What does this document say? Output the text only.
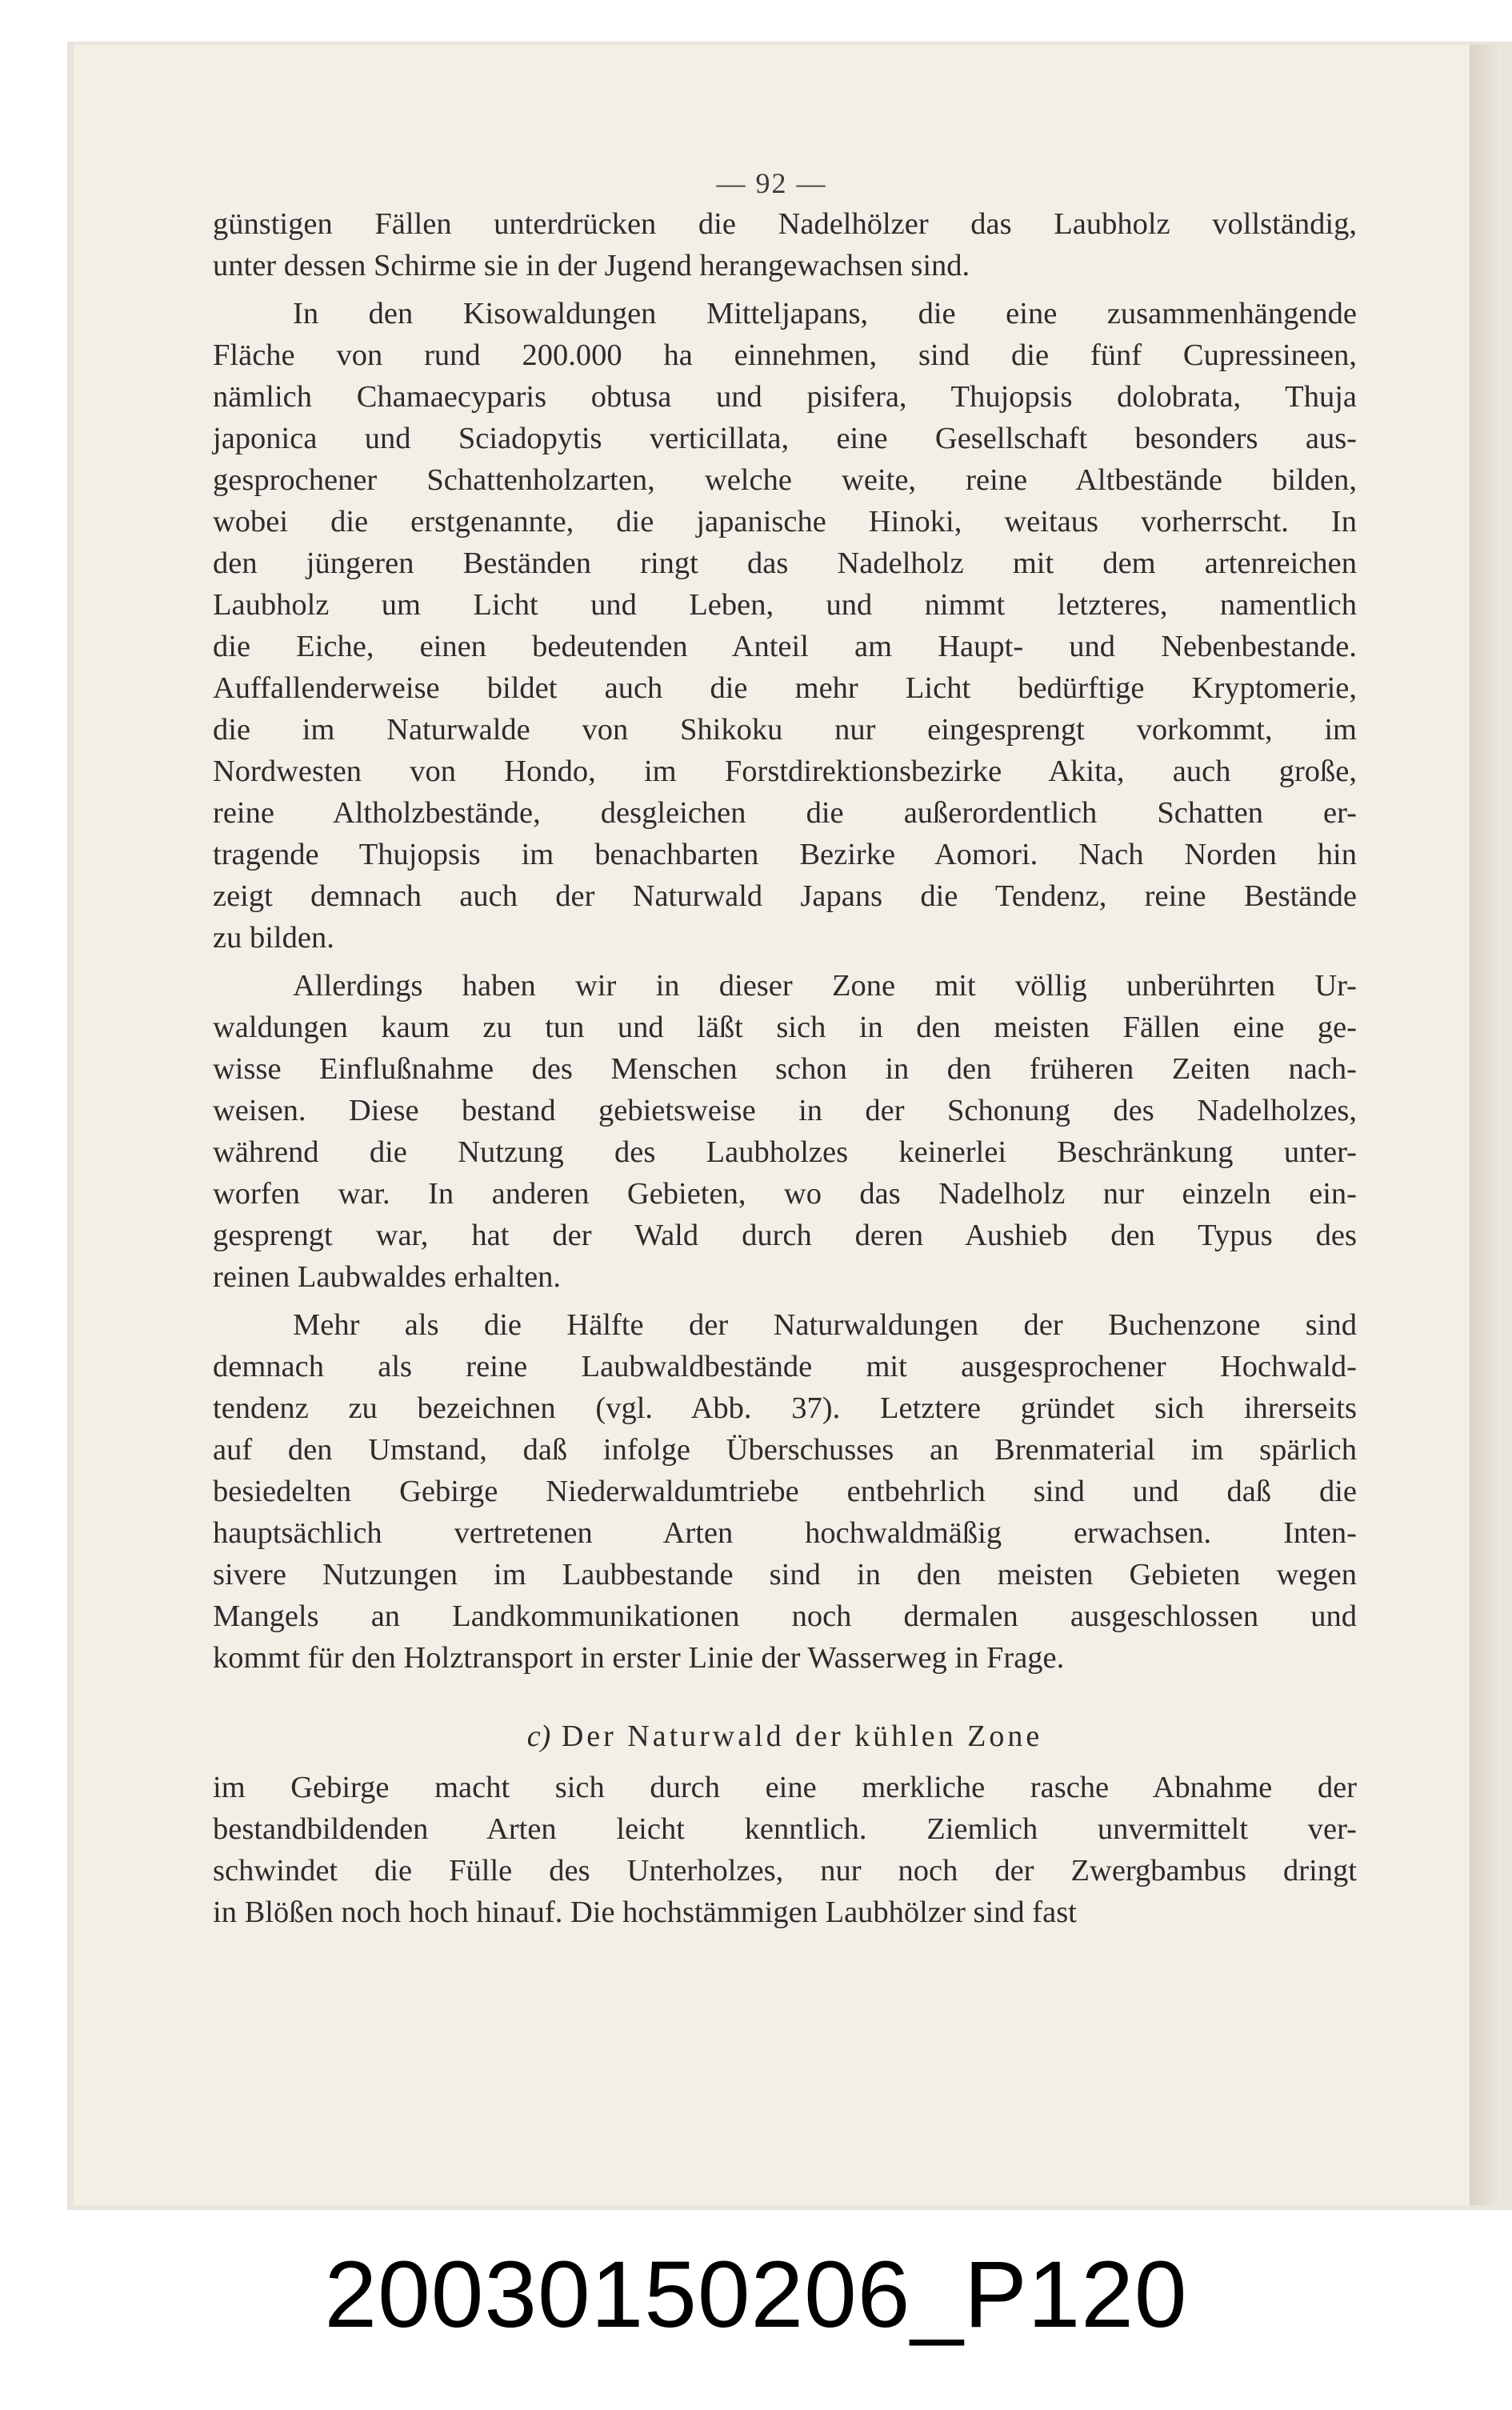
— 92 —
günstigen Fällen unterdrücken die Nadelhölzer das Laubholz vollständig,
unter dessen Schirme sie in der Jugend herangewachsen sind.
In den Kisowaldungen Mitteljapans, die eine zusammenhängende
Fläche von rund 200.000 ha einnehmen, sind die fünf Cupressineen,
nämlich Chamaecyparis obtusa und pisifera, Thujopsis dolobrata, Thuja
japonica und Sciadopytis verticillata, eine Gesellschaft besonders aus-
gesprochener Schattenholzarten, welche weite, reine Altbestände bilden,
wobei die erstgenannte, die japanische Hinoki, weitaus vorherrscht. In
den jüngeren Beständen ringt das Nadelholz mit dem artenreichen
Laubholz um Licht und Leben, und nimmt letzteres, namentlich
die Eiche, einen bedeutenden Anteil am Haupt- und Nebenbestande.
Auffallenderweise bildet auch die mehr Licht bedürftige Kryptomerie,
die im Naturwalde von Shikoku nur eingesprengt vorkommt, im
Nordwesten von Hondo, im Forstdirektionsbezirke Akita, auch große,
reine Altholzbestände, desgleichen die außerordentlich Schatten er-
tragende Thujopsis im benachbarten Bezirke Aomori. Nach Norden hin
zeigt demnach auch der Naturwald Japans die Tendenz, reine Bestände
zu bilden.
Allerdings haben wir in dieser Zone mit völlig unberührten Ur-
waldungen kaum zu tun und läßt sich in den meisten Fällen eine ge-
wisse Einflußnahme des Menschen schon in den früheren Zeiten nach-
weisen. Diese bestand gebietsweise in der Schonung des Nadelholzes,
während die Nutzung des Laubholzes keinerlei Beschränkung unter-
worfen war. In anderen Gebieten, wo das Nadelholz nur einzeln ein-
gesprengt war, hat der Wald durch deren Aushieb den Typus des
reinen Laubwaldes erhalten.
Mehr als die Hälfte der Naturwaldungen der Buchenzone sind
demnach als reine Laubwaldbestände mit ausgesprochener Hochwald-
tendenz zu bezeichnen (vgl. Abb. 37). Letztere gründet sich ihrerseits
auf den Umstand, daß infolge Überschusses an Brenmaterial im spärlich
besiedelten Gebirge Niederwaldumtriebe entbehrlich sind und daß die
hauptsächlich vertretenen Arten hochwaldmäßig erwachsen. Inten-
sivere Nutzungen im Laubbestande sind in den meisten Gebieten wegen
Mangels an Landkommunikationen noch dermalen ausgeschlossen und
kommt für den Holztransport in erster Linie der Wasserweg in Frage.
c) Der Naturwald der kühlen Zone
im Gebirge macht sich durch eine merkliche rasche Abnahme der
bestandbildenden Arten leicht kenntlich. Ziemlich unvermittelt ver-
schwindet die Fülle des Unterholzes, nur noch der Zwergbambus dringt
in Blößen noch hoch hinauf. Die hochstämmigen Laubhölzer sind fast
20030150206_P120
